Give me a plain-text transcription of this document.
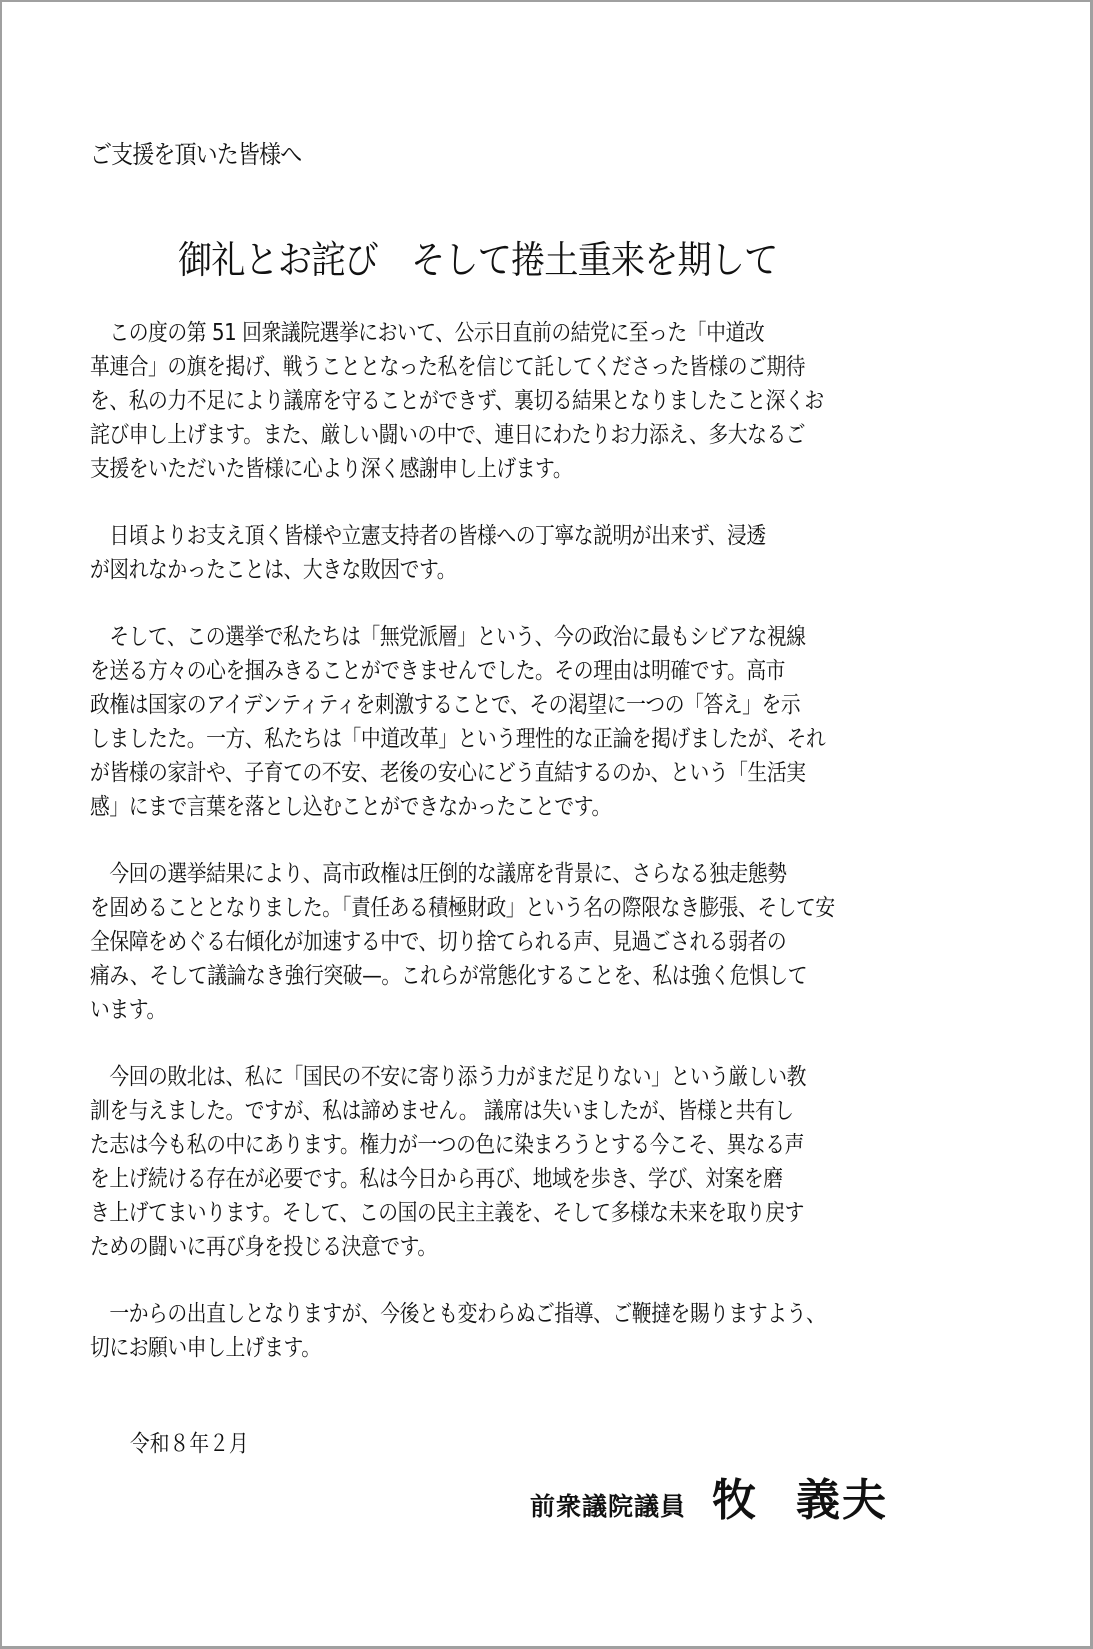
ご支援を頂いた皆様へ
御礼とお詫び　そして捲土重来を期して
　この度の第 51 回衆議院選挙において、公示日直前の結党に至った「中道改
革連合」の旗を掲げ、戦うこととなった私を信じて託してくださった皆様のご期待
を、私の力不足により議席を守ることができず、裏切る結果となりましたこと深くお
詫び申し上げます。また、厳しい闘いの中で、連日にわたりお力添え、多大なるご
支援をいただいた皆様に心より深く感謝申し上げます。
　日頃よりお支え頂く皆様や立憲支持者の皆様への丁寧な説明が出来ず、浸透
が図れなかったことは、大きな敗因です。
　そして、この選挙で私たちは「無党派層」という、今の政治に最もシビアな視線
を送る方々の心を掴みきることができませんでした。その理由は明確です。高市
政権は国家のアイデンティティを刺激することで、その渇望に一つの「答え」を示
しましたた。一方、私たちは「中道改革」という理性的な正論を掲げましたが、それ
が皆様の家計や、子育ての不安、老後の安心にどう直結するのか、という「生活実
感」にまで言葉を落とし込むことができなかったことです。
　今回の選挙結果により、高市政権は圧倒的な議席を背景に、さらなる独走態勢
を固めることとなりました。「責任ある積極財政」という名の際限なき膨張、そして安
全保障をめぐる右傾化が加速する中で、切り捨てられる声、見過ごされる弱者の
痛み、そして議論なき強行突破—。これらが常態化することを、私は強く危惧して
います。
　今回の敗北は、私に「国民の不安に寄り添う力がまだ足りない」という厳しい教
訓を与えました。ですが、私は諦めません。 議席は失いましたが、皆様と共有し
た志は今も私の中にあります。権力が一つの色に染まろうとする今こそ、異なる声
を上げ続ける存在が必要です。私は今日から再び、地域を歩き、学び、対案を磨
き上げてまいります。そして、この国の民主主義を、そして多様な未来を取り戻す
ための闘いに再び身を投じる決意です。
　一からの出直しとなりますが、今後とも変わらぬご指導、ご鞭撻を賜りますよう、
切にお願い申し上げます。
令和８年２月
前衆議院議員 牧 義夫
